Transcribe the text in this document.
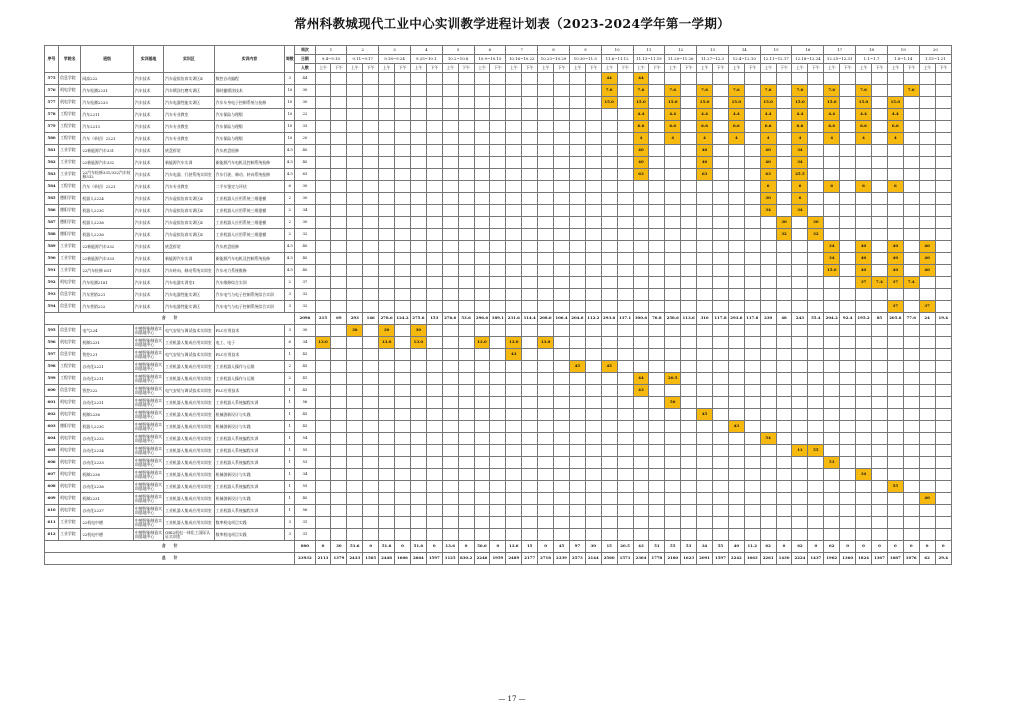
常州科教城现代工业中心实训教学进程计划表（2023-2024学年第一学期）
序号	学院名	班级	实训基地	实训区	实训内容	周数	周次	1		2		3		4		5		6		7		8		9		10		11		12		13		14		15		16		17		18		19		20	
							日期	9.4~9.10		9.11~9.17		9.18~9.24		9.25~10.1		10.2~10.8		10.9~10.15		10.16~10.22		10.23~10.29		10.30~11.5		11.6~11.12		11.13~11.19		11.20~11.26		11.27~12.3		12.4~12.10		12.11~12.17		12.18~12.24		12.25~12.31		1.1~1.7		1.8~1.14		1.15~1.21	
							人数	上午	下午	上午	下午	上午	下午	上午	下午	上午	下午	上午	下午	上午	下午	上午	下午	上午	下午	上午	下午	上午	下午	上午	下午	上午	下午	上午	下午	上午	下午	上午	下午	上午	下午	上午	下午	上午	下午	上午	下午
575	信息学院	网高222	汽车技术	汽车虚拟仿真实训区Ⅱ	数控自动编程	3	44																			44		44																			
576	机电学院	汽车检测2231	汽车技术	汽车喷涂打磨实训区	保时捷喷涂技术	10	30																			7.6		7.6		7.6		7.6		7.6		7.6		7.6		7.6		7.6			7.6		
577	机电学院	汽车检测2233	汽车技术	汽车电器性能实训区	汽车车身电子控制系统与检修	10	30																			15.0		15.0		15.0		15.0		15.0		15.0		15.0		15.0		15.0		15.0			
578	工程学院	汽车2211	汽车技术	汽车专业教室	汽车保险与理赔	10	22																					4.4		4.4		4.4		4.4		4.4		4.4		4.4		4.4		4.4			
579	工程学院	汽车2213	汽车技术	汽车专业教室	汽车保险与理赔	10	33																					6.6		6.6		6.6		6.6		6.6		6.6		6.6		6.6		6.6			
580	工程学院	汽车（单招）2221	汽车技术	汽车专业教室	汽车保险与理赔	10	20																					4		4		4		4		4		4		4		4		4			
581	工业学院	22新能源汽车331	汽车技术	底盘拆装	汽车底盘检修	4.5	40																					40				40				40		34									
582	工业学院	22新能源汽车332	汽车技术	新能源汽车实训	新能源汽车电机及控制系统检修	4.5	40																					40				40				40		34									
583	工业学院	22汽车检修331/332汽车检修332	汽车技术	汽车电器、行驶系统实训室	汽车行驶、制动、转向系统检修	4.5	63																					63				63				63		25.5									
584	工程学院	汽车（单招）2221	汽车技术	汽车专业教室	二手车鉴定与评估	6	30																													6		6		6		6		6			
585	德阳学院	机器人2224	汽车技术	汽车虚拟仿真实训区Ⅱ	工业机器人应用系统三维建模	2	30																													30		6									
586	德阳学院	机器人223C	汽车技术	汽车虚拟仿真实训区Ⅱ	工业机器人应用系统三维建模	2	34																													34		34									
587	德阳学院	机器人2236	汽车技术	汽车虚拟仿真实训区Ⅱ	工业机器人应用系统三维建模	2	30																														30		30								
588	德阳学院	机器人2236	汽车技术	汽车虚拟仿真实训区Ⅱ	工业机器人应用系统三维建模	2	32																														32		32								
589	工业学院	22新能源汽车332	汽车技术	底盘拆装	汽车底盘检修	4.5	40																																	34		40		40		40	
590	工业学院	22新能源汽车333	汽车技术	新能源汽车实训	新能源汽车电机及控制系统检修	4.5	40																																	34		40		40		40	
591	工业学院	22汽车检修 631	汽车技术	汽车转向、制动系统实训室	汽车动力系统维修	4.5	40																																	15.0		40		40		40	
592	机电学院	汽车检测2181	汽车技术	汽车电器实训室1	汽车维修综合实训	2	37																																			37	7.4	37	7.4		
593	信息学院	汽车营销221	汽车技术	汽车电器性能实训区	汽车电气与电子控制系统综合实训	3	32																																								
594	信息学院	汽车营销222	汽车技术	汽车电器性能实训区	汽车电气与电子控制系统综合实训	3	32																																					37		37	
合　　计							2096	215	69	293	146	278.6	124.2	275.6	153	276.6	53.6	296.6	189.1	231.6	114.4	208.6	106.4	204.6	112.2	293.6	137.1	300.6	76.8	258.6	113.6	310	117.8	293.6	117.8	230	48	243	55.4	204.2	92.4	195.2	85	205.6	77.6	24	19.4
595	信息学院	电气224	中德智能制造实训基地中心	电气安装与调试技术实训室	PLC应用技术	3	30			30		30		30																																	
596	机电学院	机制2231	中德智能制造实训基地中心	工业机器人集成应用实训室	电工、电子	6	34	13.0				13.0		13.0				13.0		13.0		13.0																									
597	信息学院	智控221	中德智能制造实训基地中心	电气安装与调试技术实训室	PLC应用技术	1	43													43																											
598	工程学院	自动化2221	中德智能制造实训基地中心	工业机器人集成应用实训室	工业机器人操作与运维	2	45																	45		45																					
599	工程学院	自动化2211	中德智能制造实训基地中心	工业机器人集成应用实训室	工业机器人操作与运维	2	41																					44		20.5																	
600	信息学院	智控222	中德智能制造实训基地中心	电气安装与调试技术实训室	PLC应用技术	1	43																					43																			
601	机电学院	自动化2231	中德智能制造实训基地中心	工业机器人集成应用实训室	工业机器人系统编程实训	1	56																							56																	
602	机电学院	机制2236	中德智能制造实训基地中心	工业机器人集成应用实训室	机械创新设计与实践	1	45																									45															
603	德阳学院	机器人223C	中德智能制造实训基地中心	工业机器人集成应用实训室	机械创新设计与实践	1	43																											43													
604	机电学院	自动化2232	中德智能制造实训基地中心	工业机器人集成应用实训室	工业机器人系统编程实训	1	54																													54											
605	机电学院	自动化2234	中德智能制造实训基地中心	工业机器人集成应用实训室	工业机器人系统编程实训	1	55																															11	55								
606	机电学院	自动化2233	中德智能制造实训基地中心	工业机器人集成应用实训室	工业机器人系统编程实训	1	53																																	53							
607	机电学院	机制2236	中德智能制造实训基地中心	工业机器人集成应用实训室	机械创新设计与实践	1	34																																			34					
608	机电学院	自动化2236	中德智能制造实训基地中心	工业机器人集成应用实训室	工业机器人系统编程实训	1	55																																					55			
609	机电学院	机制2231	中德智能制造实训基地中心	工业机器人集成应用实训室	机械创新设计与实践	1	40																																							40	
610	机电学院	自动化2237	中德智能制造实训基地中心	工业机器人集成应用实训室	工业机器人系统编程实训	1	56																																								
611	工业学院	22机电中德	中德智能制造实训基地中心	工业机器人集成应用实训室	数率机电项目实践	3	31																																								
612	工业学院	22机电中德	中德智能制造实训基地中心	GRI2机电一体化工国际认证实训室	数率机电项目实践	3	31																																								
合　　计							800	0	30	51.6	0	51.6	0	51.6	0	13.6	0	56.6	0	13.6	15	0	45	97	30	15	20.5	43	51	55	53	34	55	40	11.2	62	0	62	0	62	0	0	0	0	0	0	0
总　　计							23932	2113	1379	2433	1565	2448	1606	2664	1597	1125	830.2	2246	1959	2489	2177	2718	2339	2573	2144	2560	1571	2304	1778	2180	1623	2091	1597	2242	1663	2261	1430	2224	1437	1962	1360	1824	1367	1687	1076	62	29.4
— 17 —
